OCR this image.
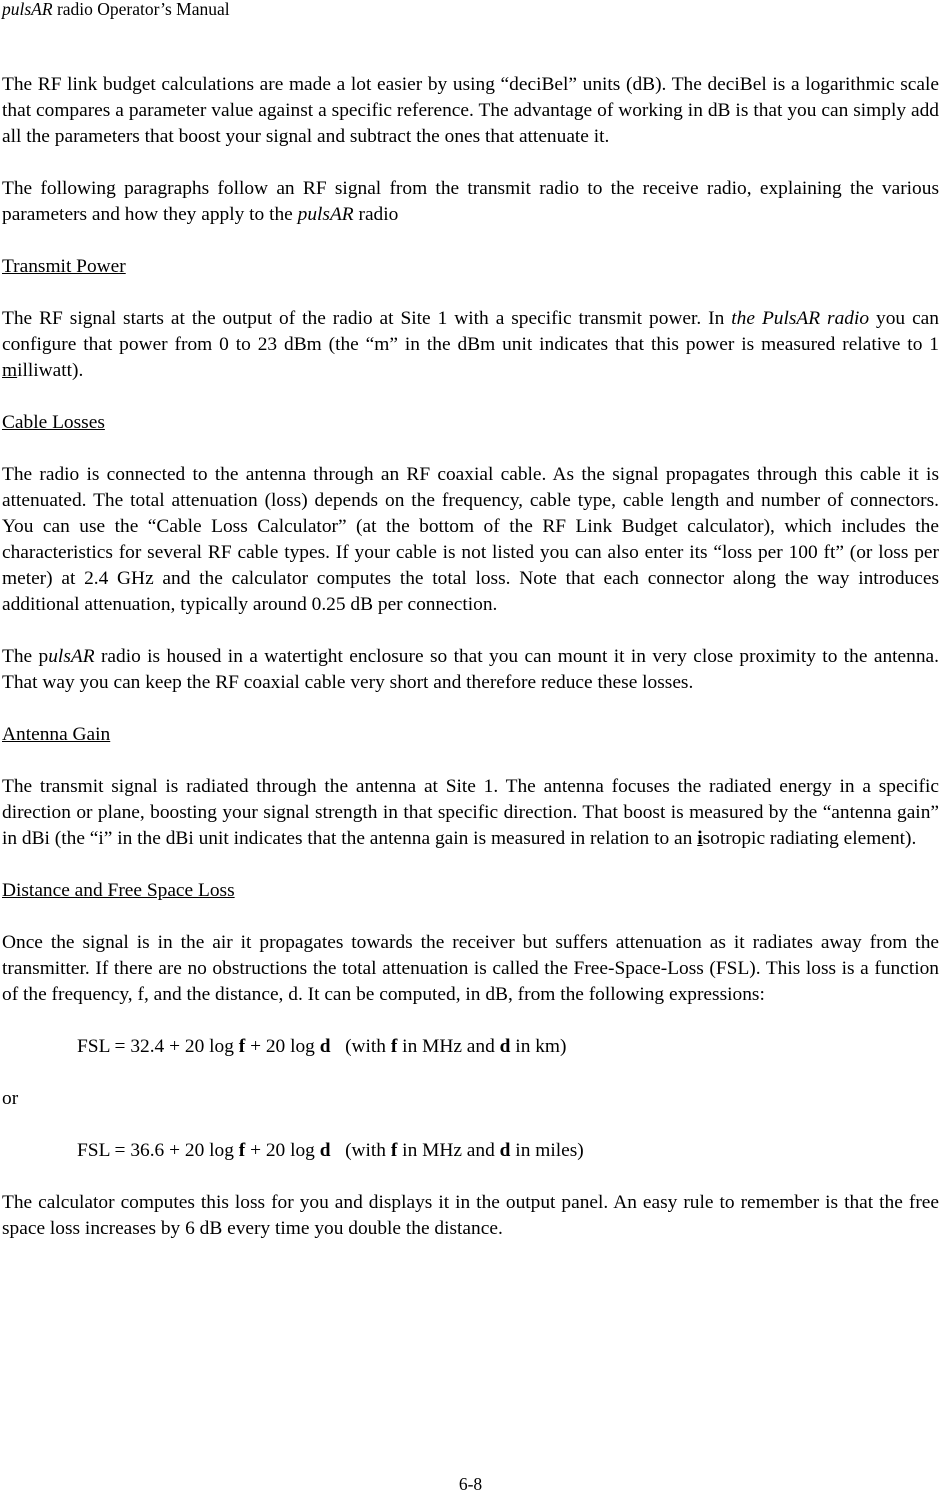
pulsAR radio Operator’s Manual

The RF link budget calculations are made a lot easier by using “deciBel” units (dB). The deciBel is a logarithmic scale that compares a parameter value against a specific reference. The advantage of working in dB is that you can simply add all the parameters that boost your signal and subtract the ones that attenuate it.

The following paragraphs follow an RF signal from the transmit radio to the receive radio, explaining the various parameters and how they apply to the pulsAR radio

Transmit Power

The RF signal starts at the output of the radio at Site 1 with a specific transmit power. In the PulsAR radio you can configure that power from 0 to 23 dBm (the “m” in the dBm unit indicates that this power is measured relative to 1 milliwatt).

Cable Losses

The radio is connected to the antenna through an RF coaxial cable. As the signal propagates through this cable it is attenuated. The total attenuation (loss) depends on the frequency, cable type, cable length and number of connectors. You can use the “Cable Loss Calculator” (at the bottom of the RF Link Budget calculator), which includes the characteristics for several RF cable types. If your cable is not listed you can also enter its “loss per 100 ft” (or loss per meter) at 2.4 GHz and the calculator computes the total loss. Note that each connector along the way introduces additional attenuation, typically around 0.25 dB per connection.

The pulsAR radio is housed in a watertight enclosure so that you can mount it in very close proximity to the antenna. That way you can keep the RF coaxial cable very short and therefore reduce these losses.

Antenna Gain

The transmit signal is radiated through the antenna at Site 1. The antenna focuses the radiated energy in a specific direction or plane, boosting your signal strength in that specific direction. That boost is measured by the “antenna gain” in dBi (the “i” in the dBi unit indicates that the antenna gain is measured in relation to an isotropic radiating element).

Distance and Free Space Loss

Once the signal is in the air it propagates towards the receiver but suffers attenuation as it radiates away from the transmitter. If there are no obstructions the total attenuation is called the Free-Space-Loss (FSL). This loss is a function of the frequency, f, and the distance, d. It can be computed, in dB, from the following expressions:

FSL = 32.4 + 20 log f + 20 log d   (with f in MHz and d in km)

or

FSL = 36.6 + 20 log f + 20 log d   (with f in MHz and d in miles)

The calculator computes this loss for you and displays it in the output panel. An easy rule to remember is that the free space loss increases by 6 dB every time you double the distance.

6-8
